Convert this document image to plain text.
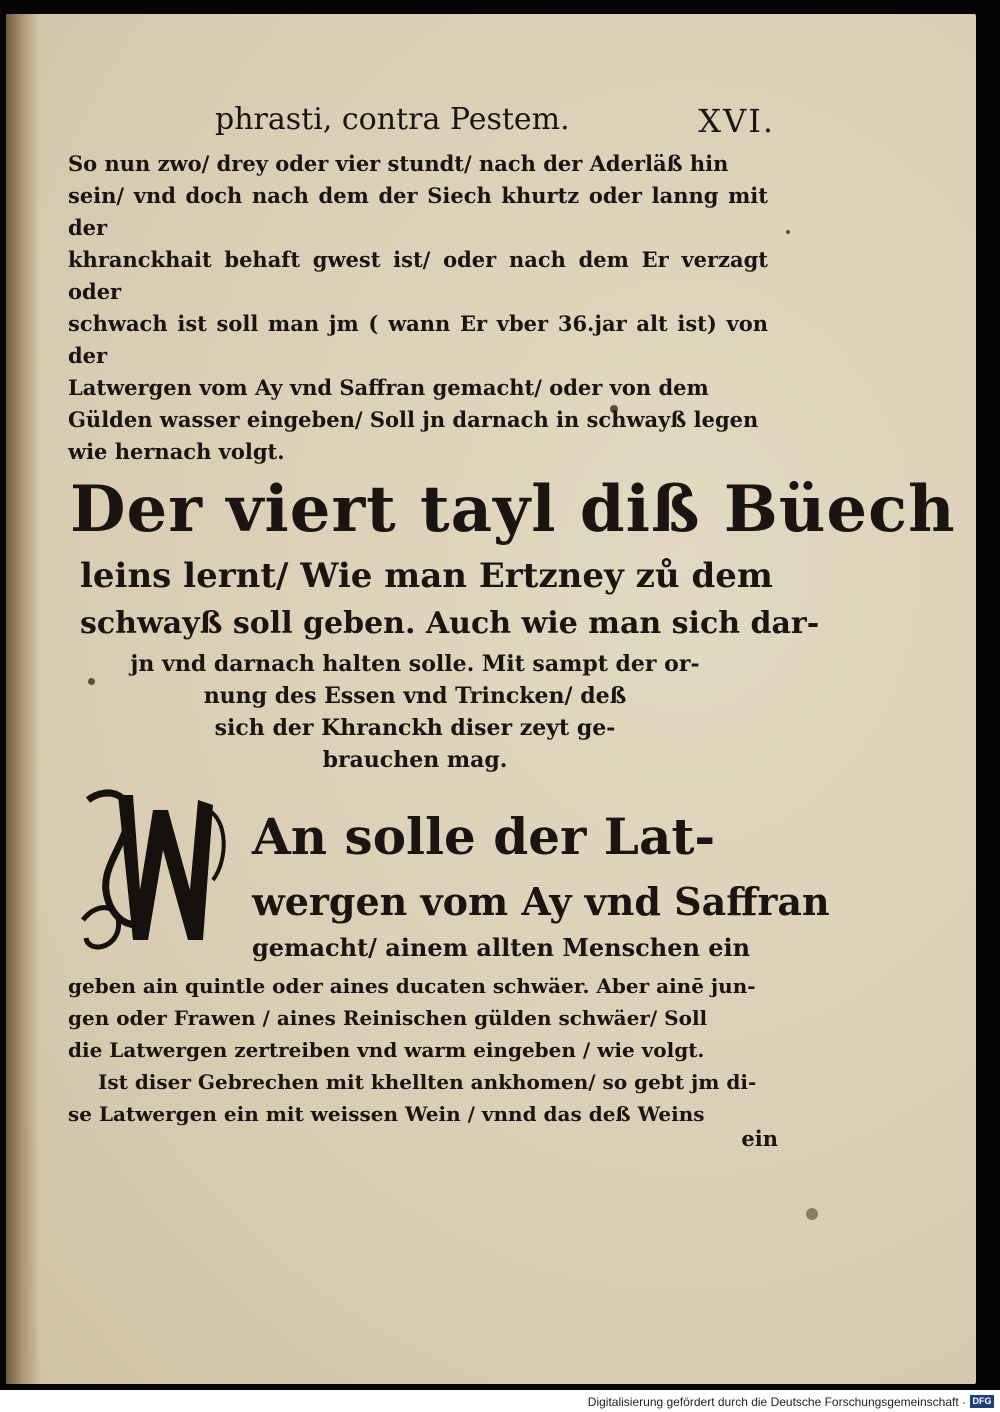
phrasti, contra Pestem.	XVI.
So nun zwo/ drey oder vier stundt/ nach der Aderläß hin
sein/ vnd doch nach dem der Siech khurtz oder lanng mit der
khranckhait behaft gwest ist/ oder nach dem Er verzagt oder
schwach ist soll man jm ( wann Er vber 36.jar alt ist) von der
Latwergen vom Ay vnd Saffran gemacht/ oder von dem
Gülden wasser eingeben/ Soll jn darnach in schwayß legen
wie hernach volgt.
Der viert tayl diß Büech
leins lernt/ Wie man Ertzney zů dem
schwayß soll geben. Auch wie man sich dar-
jn vnd darnach halten solle. Mit sampt der or-
nung des Essen vnd Trincken/ deß
sich der Khranckh diser zeyt ge-
brauchen mag.
An solle der Lat-
wergen vom Ay vnd Saffran
gemacht/ ainem allten Menschen ein
geben ain quintle oder aines ducaten schwäer. Aber ainē jun-
gen oder Frawen / aines Reinischen gülden schwäer/ Soll
die Latwergen zertreiben vnd warm eingeben / wie volgt.
Ist diser Gebrechen mit khellten ankhomen/ so gebt jm di-
se Latwergen ein mit weissen Wein / vnnd das deß Weins
ein
Digitalisierung gefördert durch die Deutsche Forschungsgemeinschaft · DFG
